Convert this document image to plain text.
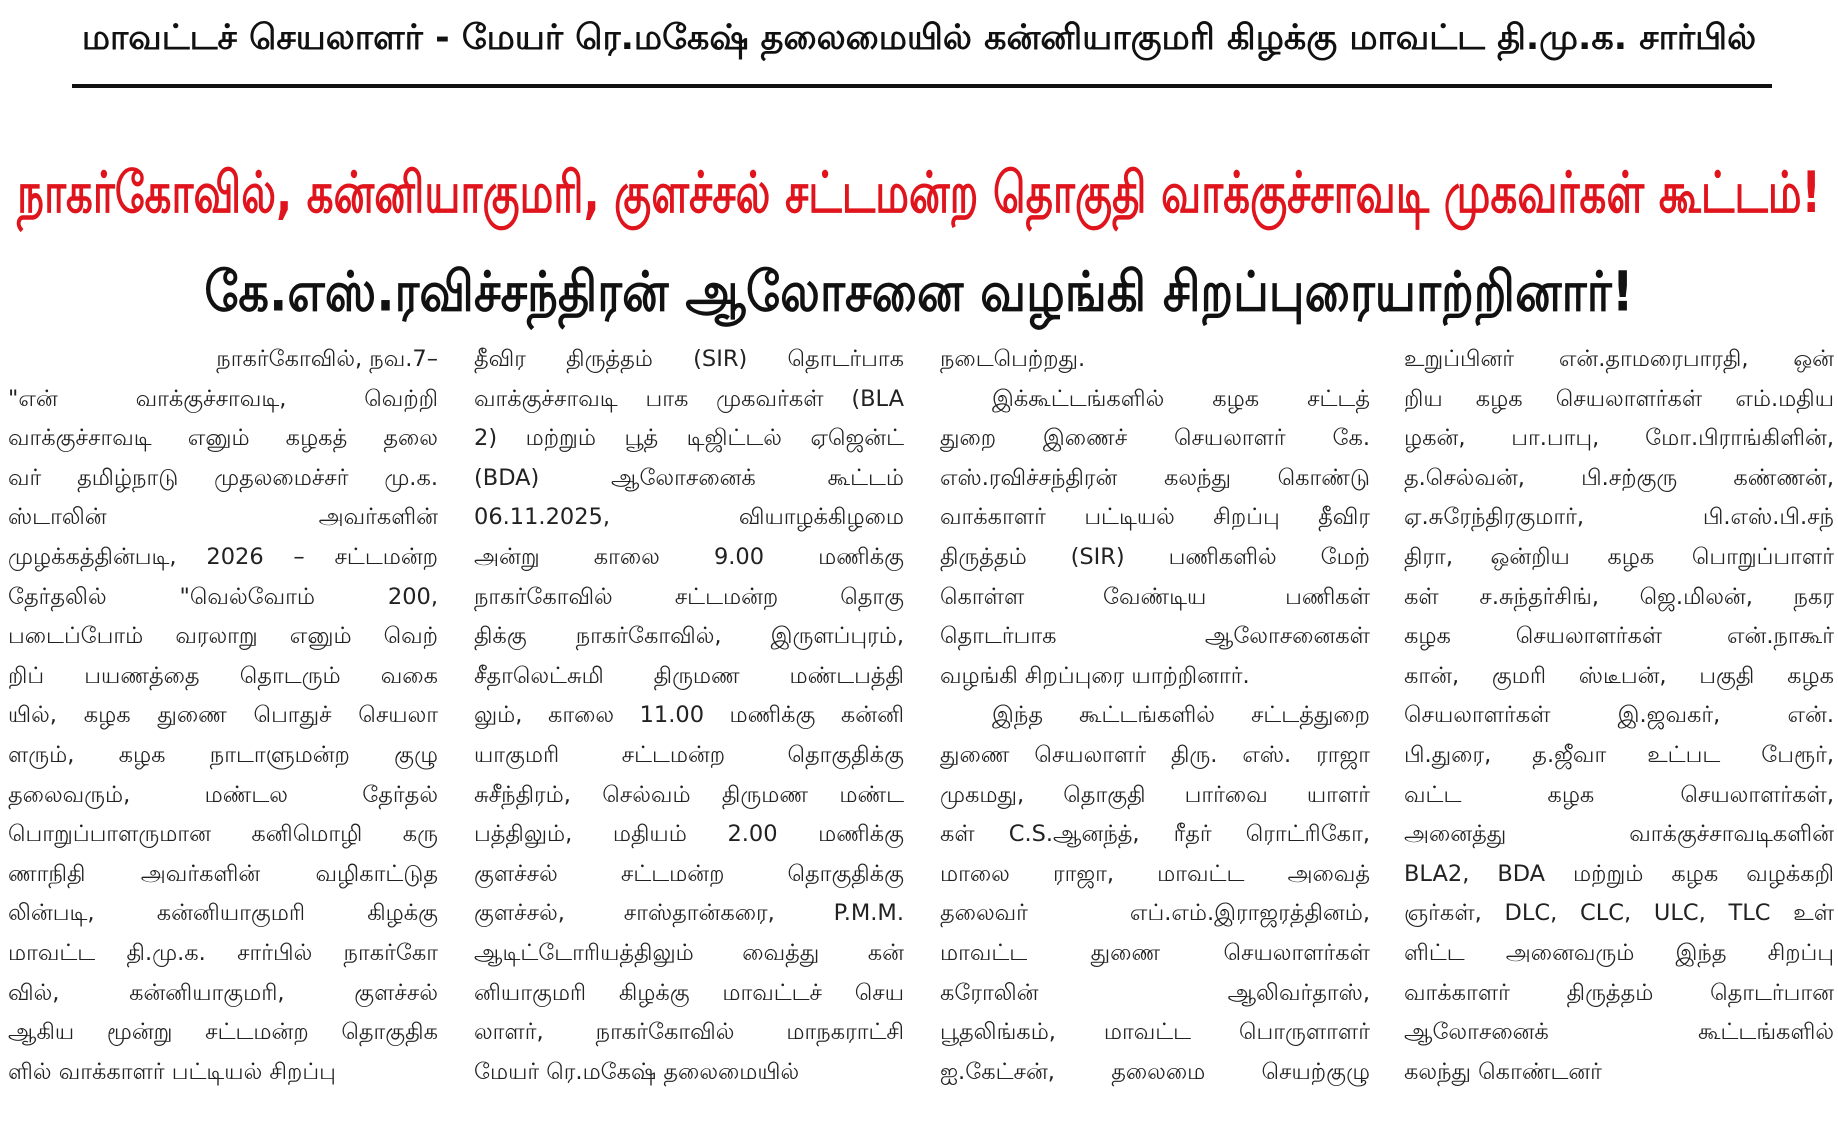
மாவட்டச் செயலாளர் - மேயர் ரெ.மகேஷ் தலைமையில் கன்னியாகுமரி கிழக்கு மாவட்ட தி.மு.க. சார்பில்
நாகர்கோவில், கன்னியாகுமரி, குளச்சல் சட்டமன்ற தொகுதி வாக்குச்சாவடி முகவர்கள் கூட்டம்!
கே.எஸ்.ரவிச்சந்திரன் ஆலோசனை வழங்கி சிறப்புரையாற்றினார்!
நாகர்கோவில், நவ.7–
"என் வாக்குச்சாவடி, வெற்றி
வாக்குச்சாவடி எனும் கழகத் தலை
வர் தமிழ்நாடு முதலமைச்சர் மு.க.
ஸ்டாலின் அவர்களின்
முழக்கத்தின்படி, 2026 – சட்டமன்ற
தேர்தலில் "வெல்வோம் 200,
படைப்போம் வரலாறு எனும் வெற்
றிப் பயணத்தை தொடரும் வகை
யில், கழக துணை பொதுச் செயலா
ளரும், கழக நாடாளுமன்ற குழு
தலைவரும், மண்டல தேர்தல்
பொறுப்பாளருமான கனிமொழி கரு
ணாநிதி அவர்களின் வழிகாட்டுத
லின்படி, கன்னியாகுமரி கிழக்கு
மாவட்ட தி.மு.க. சார்பில் நாகர்கோ
வில், கன்னியாகுமரி, குளச்சல்
ஆகிய மூன்று சட்டமன்ற தொகுதிக
ளில் வாக்காளர் பட்டியல் சிறப்பு
தீவிர திருத்தம் (SIR) தொடர்பாக
வாக்குச்சாவடி பாக முகவர்கள் (BLA
2) மற்றும் பூத் டிஜிட்டல் ஏஜென்ட்
(BDA) ஆலோசனைக் கூட்டம்
06.11.2025, வியாழக்கிழமை
அன்று காலை 9.00 மணிக்கு
நாகர்கோவில் சட்டமன்ற தொகு
திக்கு நாகர்கோவில், இருளப்புரம்,
சீதாலெட்சுமி திருமண மண்டபத்தி
லும், காலை 11.00 மணிக்கு கன்னி
யாகுமரி சட்டமன்ற தொகுதிக்கு
சுசீந்திரம், செல்வம் திருமண மண்ட
பத்திலும், மதியம் 2.00 மணிக்கு
குளச்சல் சட்டமன்ற தொகுதிக்கு
குளச்சல், சாஸ்தான்கரை, P.M.M.
ஆடிட்டோரியத்திலும் வைத்து கன்
னியாகுமரி கிழக்கு மாவட்டச் செய
லாளர், நாகர்கோவில் மாநகராட்சி
மேயர் ரெ.மகேஷ் தலைமையில்
நடைபெற்றது.
இக்கூட்டங்களில் கழக சட்டத்
துறை இணைச் செயலாளர் கே.
எஸ்.ரவிச்சந்திரன் கலந்து கொண்டு
வாக்காளர் பட்டியல் சிறப்பு தீவிர
திருத்தம் (SIR) பணிகளில் மேற்
கொள்ள வேண்டிய பணிகள்
தொடர்பாக ஆலோசனைகள்
வழங்கி சிறப்புரை யாற்றினார்.
இந்த கூட்டங்களில் சட்டத்துறை
துணை செயலாளர் திரு. எஸ். ராஜா
முகமது, தொகுதி பார்வை யாளர்
கள் C.S.ஆனந்த், ரீதர் ரொட்ரிகோ,
மாலை ராஜா, மாவட்ட அவைத்
தலைவர் எப்.எம்.இராஜரத்தினம்,
மாவட்ட துணை செயலாளர்கள்
கரோலின் ஆலிவர்தாஸ்,
பூதலிங்கம், மாவட்ட பொருளாளர்
ஐ.கேட்சன், தலைமை செயற்குழு
உறுப்பினர் என்.தாமரைபாரதி, ஒன்
றிய கழக செயலாளர்கள் எம்.மதிய
ழகன், பா.பாபு, மோ.பிராங்கிளின்,
த.செல்வன், பி.சற்குரு கண்ணன்,
ஏ.சுரேந்திரகுமார், பி.எஸ்.பி.சந்
திரா, ஒன்றிய கழக பொறுப்பாளர்
கள் ச.சுந்தர்சிங், ஜெ.மிலன், நகர
கழக செயலாளர்கள் என்.நாகூர்
கான், குமரி ஸ்டீபன், பகுதி கழக
செயலாளர்கள் இ.ஜவகர், என்.
பி.துரை, த.ஜீவா உட்பட பேரூர்,
வட்ட கழக செயலாளர்கள்,
அனைத்து வாக்குச்சாவடிகளின்
BLA2, BDA மற்றும் கழக வழக்கறி
ஞர்கள், DLC, CLC, ULC, TLC உள்
ளிட்ட அனைவரும் இந்த சிறப்பு
வாக்காளர் திருத்தம் தொடர்பான
ஆலோசனைக் கூட்டங்களில்
கலந்து கொண்டனர்
